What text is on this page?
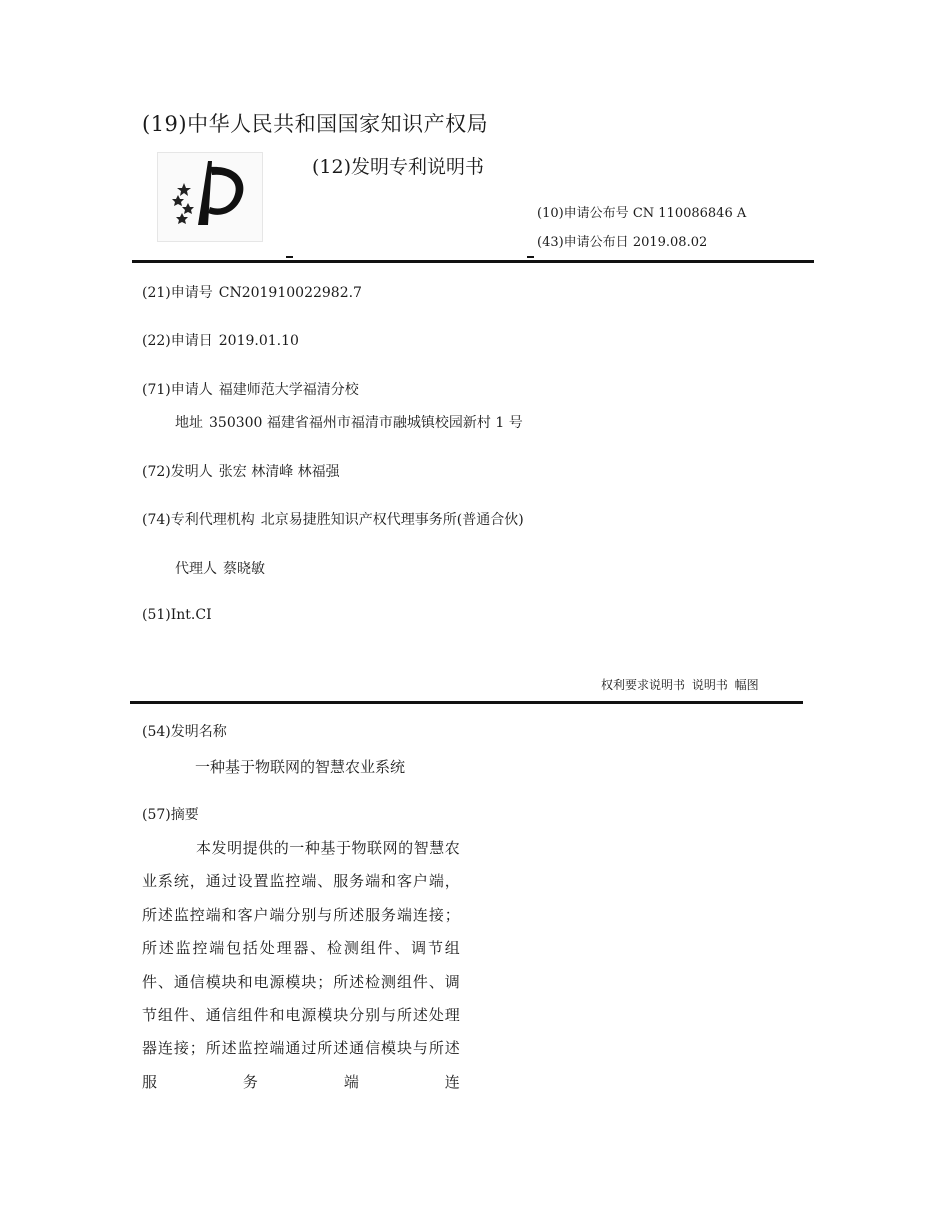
(19)中华人民共和国国家知识产权局
(12)发明专利说明书
(10)申请公布号 CN 110086846 A
(43)申请公布日 2019.08.02
(21)申请号 CN201910022982.7
(22)申请日 2019.01.10
(71)申请人 福建师范大学福清分校
地址 350300 福建省福州市福清市融城镇校园新村 1 号
(72)发明人 张宏 林清峰 林福强
(74)专利代理机构 北京易捷胜知识产权代理事务所(普通合伙)
代理人 蔡晓敏
(51)Int.CI
权利要求说明书 说明书 幅图
(54)发明名称
一种基于物联网的智慧农业系统
(57)摘要
本发明提供的一种基于物联网的智慧农业系统，通过设置监控端、服务端和客户端，所述监控端和客户端分别与所述服务端连接；所述监控端包括处理器、检测组件、调节组件、通信模块和电源模块；所述检测组件、调节组件、通信组件和电源模块分别与所述处理器连接；所述监控端通过所述通信模块与所述服务端连
